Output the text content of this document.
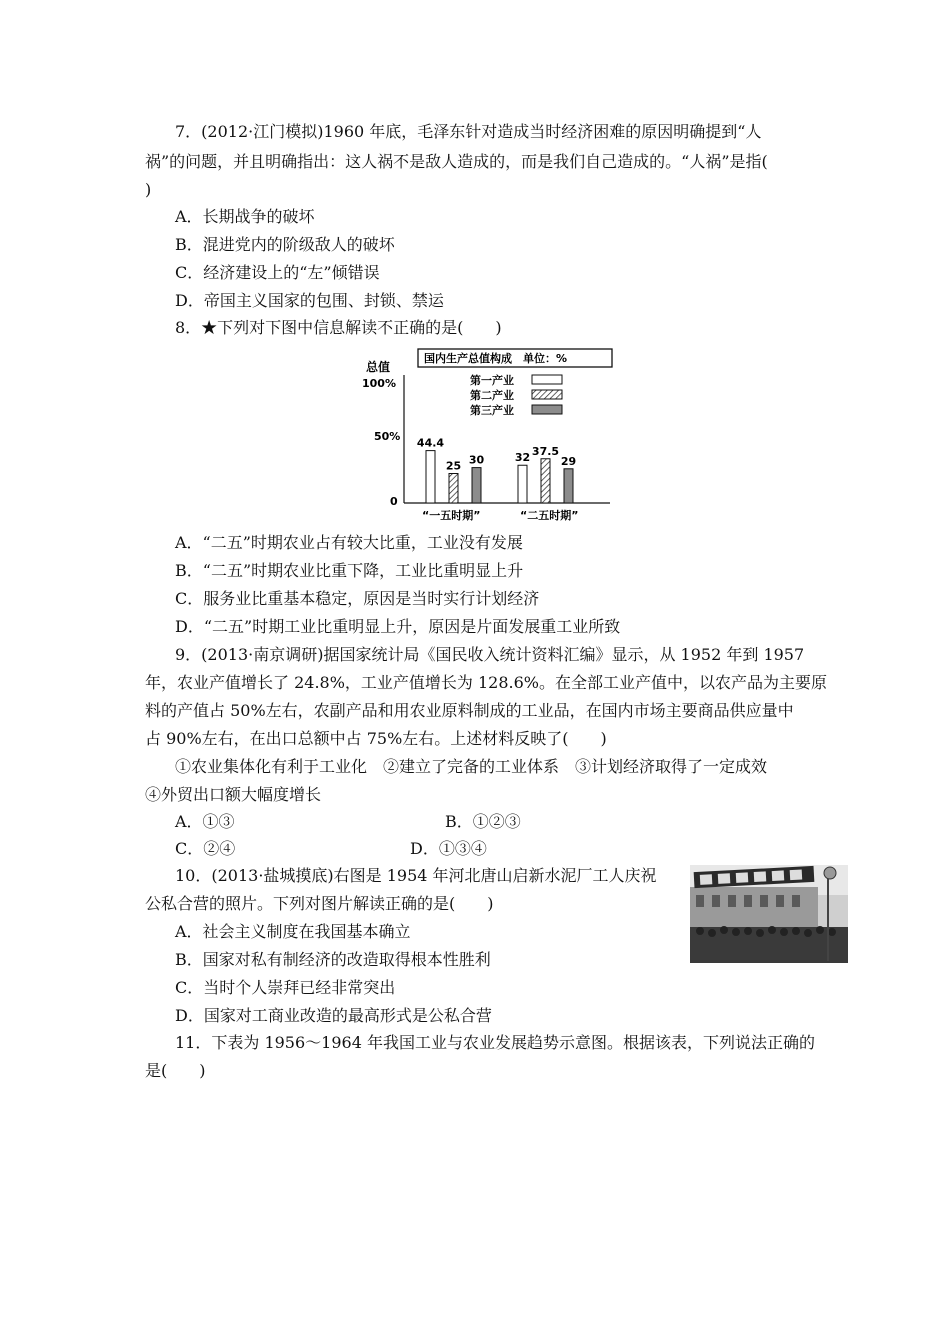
7．(2012·江门模拟)1960 年底，毛泽东针对造成当时经济困难的原因明确提到“人
祸”的问题，并且明确指出：这人祸不是敌人造成的，而是我们自己造成的。“人祸”是指(
)
A．长期战争的破坏
B．混进党内的阶级敌人的破坏
C．经济建设上的“左”倾错误
D．帝国主义国家的包围、封锁、禁运
8．★下列对下图中信息解读不正确的是(　　)
总值
100%
50%
0
国内生产总值构成　单位：%
第一产业
第二产业
第三产业
44.4
25 30	32 37.5
29
“一五时期”	“二五时期”
A．“二五”时期农业占有较大比重，工业没有发展
B．“二五”时期农业比重下降，工业比重明显上升
C．服务业比重基本稳定，原因是当时实行计划经济
D．“二五”时期工业比重明显上升，原因是片面发展重工业所致
9．(2013·南京调研)据国家统计局《国民收入统计资料汇编》显示，从 1952 年到 1957
年，农业产值增长了 24.8%，工业产值增长为 128.6%。在全部工业产值中，以农产品为主要原
料的产值占 50%左右，农副产品和用农业原料制成的工业品，在国内市场主要商品供应量中
占 90%左右，在出口总额中占 75%左右。上述材料反映了(　　)
①农业集体化有利于工业化　②建立了完备的工业体系　③计划经济取得了一定成效
④外贸出口额大幅度增长
A．①③	B．①②③
C．②④	D．①③④
10．(2013·盐城摸底)右图是 1954 年河北唐山启新水泥厂工人庆祝
公私合营的照片。下列对图片解读正确的是(　　)
A．社会主义制度在我国基本确立
B．国家对私有制经济的改造取得根本性胜利
C．当时个人崇拜已经非常突出
D．国家对工商业改造的最高形式是公私合营
11．下表为 1956～1964 年我国工业与农业发展趋势示意图。根据该表，下列说法正确的
是(　　)
